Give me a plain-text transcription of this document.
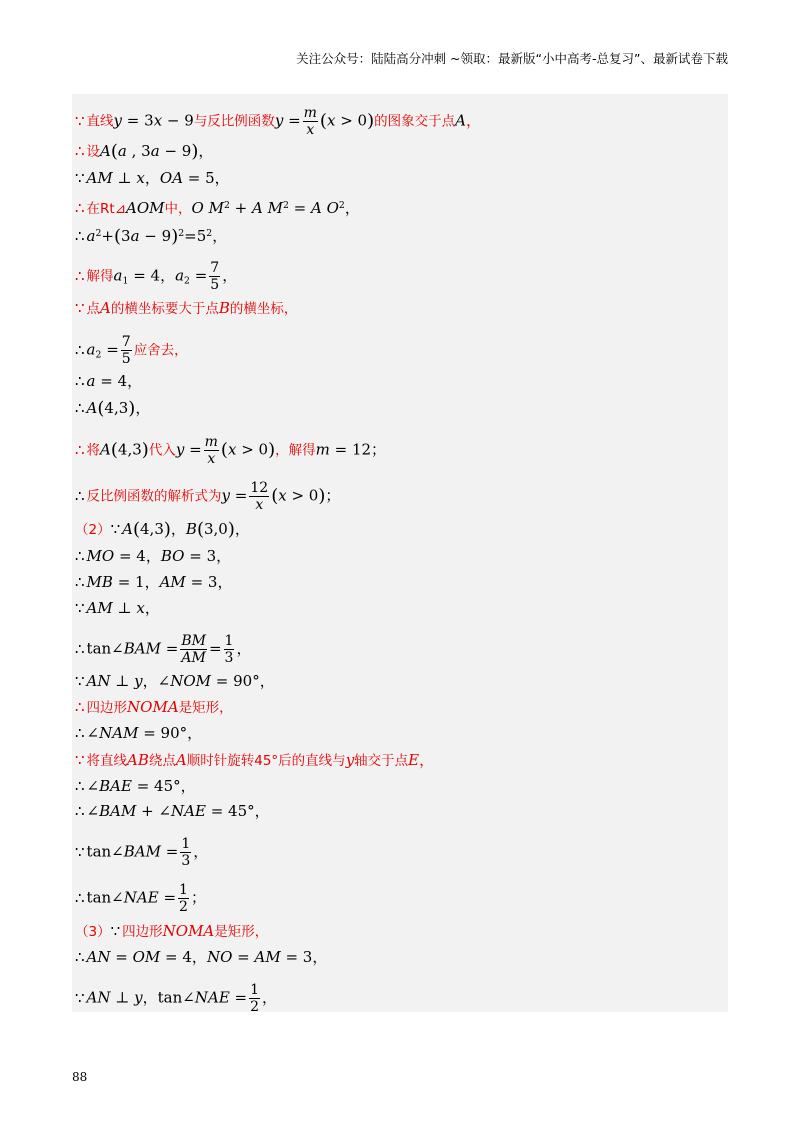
关注公众号：陆陆高分冲刺 ~领取：最新版“小中高考-总复习”、最新试卷下载
∵ 直线y = 3x − 9与反比例函数$y = \frac{m}{x} (x > 0)$的图象交于点A，
∴ 设A(a , 3a − 9)，
∵ AM ⊥ x，OA = 5，
∴ 在Rt⊿AOM中，O $M^2 + A$ $M^2 = A$ $O^2$，
∴ $a^2+(3a - 9)^2=5^2$，
∴ 解得$a_1 = 4$，$a_2 = \frac{7}{5}$ ，
∵ 点A的横坐标要大于点B的横坐标，
∴ $a_2 = \frac{7}{5}$ 应舍去，
∴ a = 4，
∴ A(4,3)，
∴ 将A(4,3)代入$y = \frac{m}{x} (x > 0)$，解得m = 12；
∴ 反比例函数的解析式为$y = \frac{12}{x} (x > 0)$；
（2）∵ A(4,3)，B(3,0)，
∴ MO = 4，BO = 3，
∴ MB = 1，AM = 3，
∵ AM ⊥ x，
∴ tan∠BAM = $\frac{BM}{AM} = \frac{1}{3}$ ，
∵ AN ⊥ y，∠NOM = 90°，
∴ 四边形NOMA是矩形，
∴ ∠NAM = 90°，
∵ 将直线AB绕点A顺时针旋转45°后的直线与y轴交于点E，
∴ ∠BAE = 45°，
∴ ∠BAM + ∠NAE = 45°，
∵ tan∠BAM = $\frac{1}{3}$ ，
∴ tan∠NAE = $\frac{1}{2}$ ；
（3）∵ 四边形NOMA是矩形，
∴ AN = OM = 4，NO = AM = 3，
∵ AN ⊥ y，tan∠NAE = $\frac{1}{2}$ ，
88
